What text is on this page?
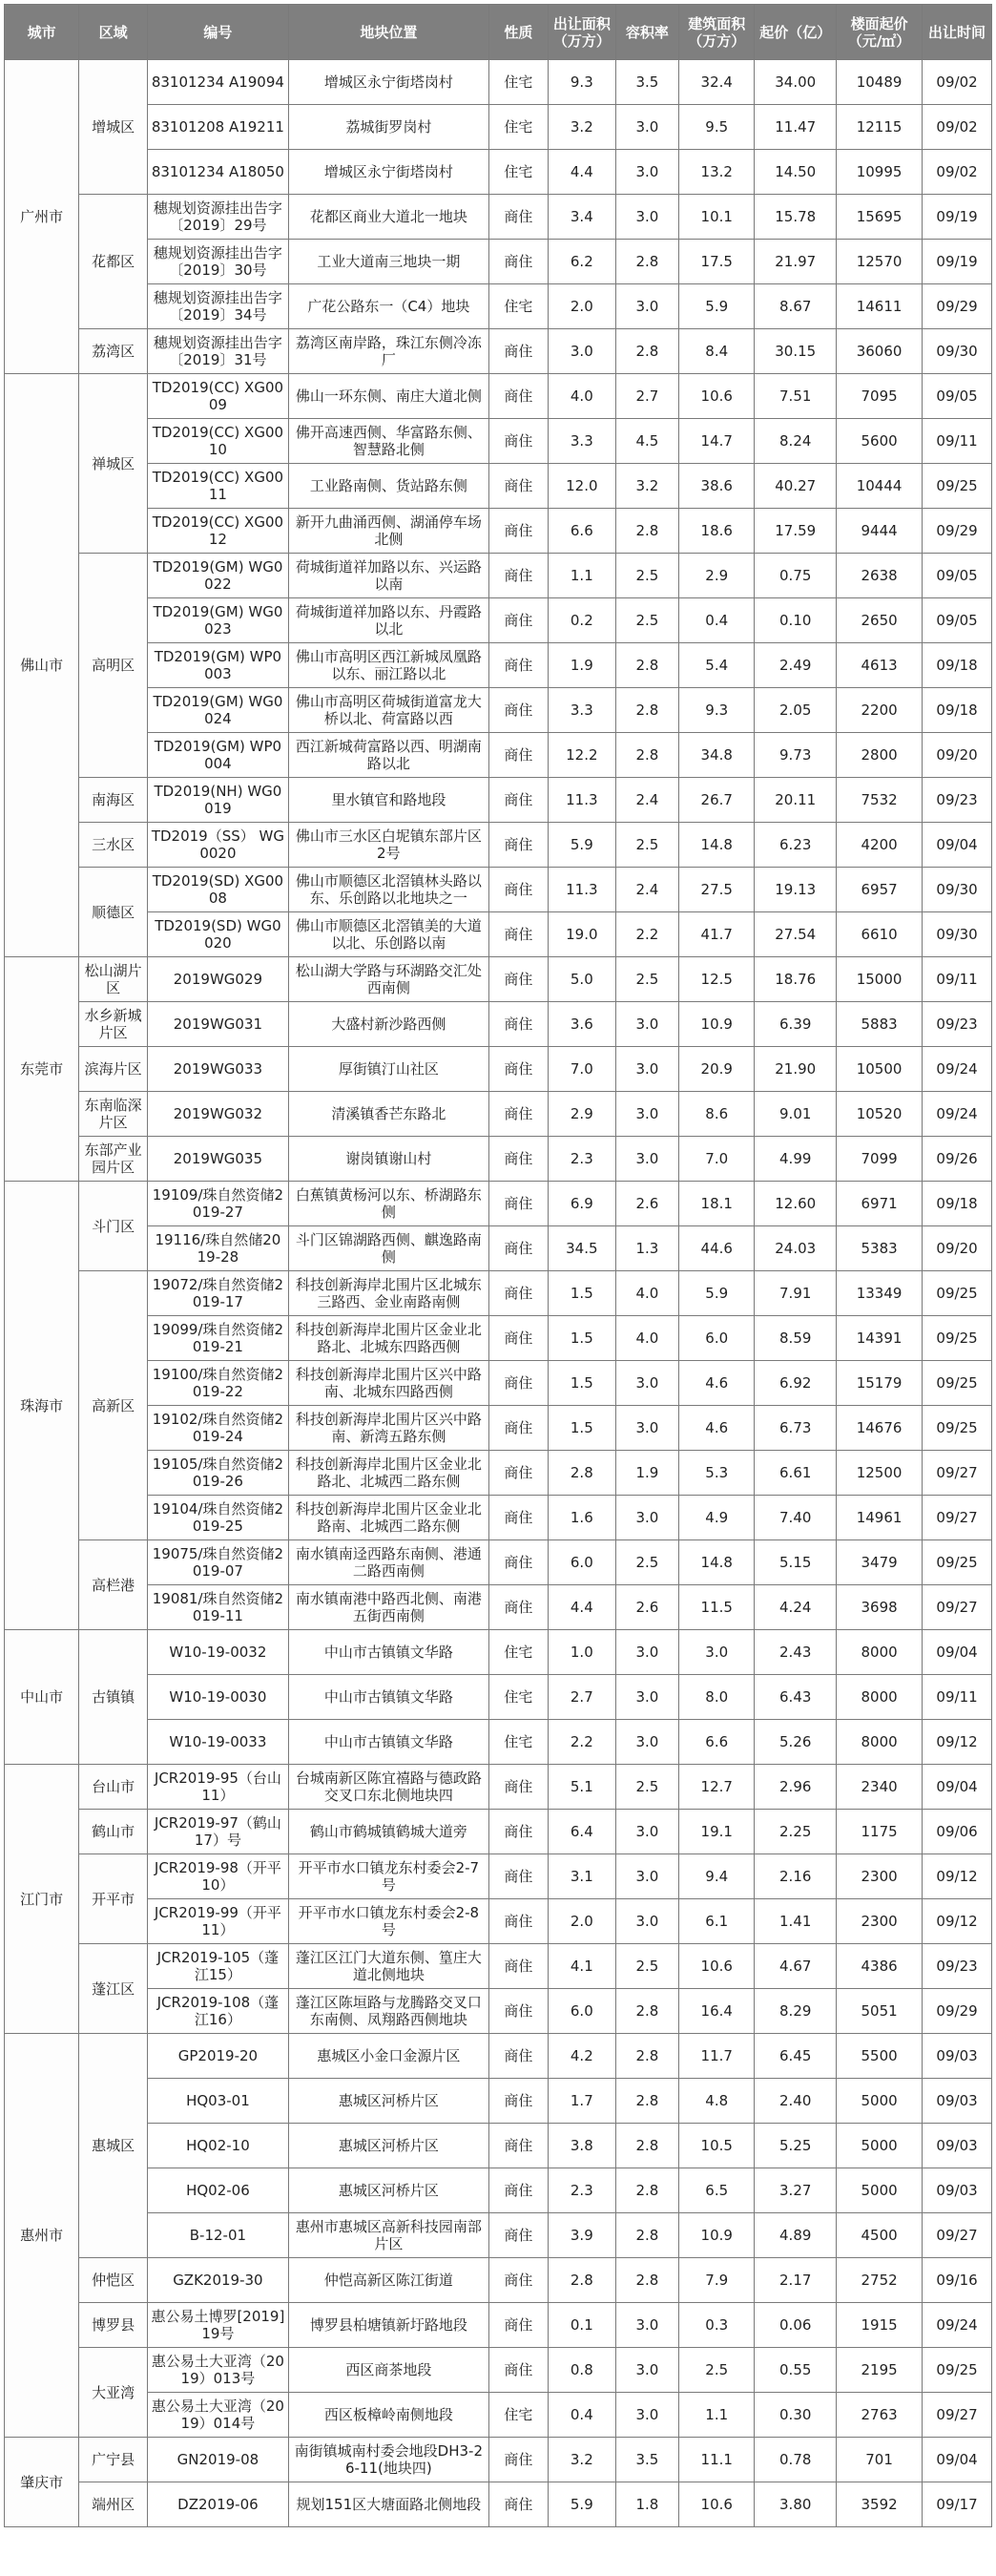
城市	区域	编号	地块位置	性质	出让面积（万方）	容积率	建筑面积（万方）	起价（亿）	楼面起价（元/㎡）	出让时间
广州市	增城区	83101234 A19094	增城区永宁街塔岗村	住宅	9.3	3.5	32.4	34.00	10489	09/02
		83101208 A19211	荔城街罗岗村	住宅	3.2	3.0	9.5	11.47	12115	09/02
		83101234 A18050	增城区永宁街塔岗村	住宅	4.4	3.0	13.2	14.50	10995	09/02
	花都区	穗规划资源挂出告字〔2019〕29号	花都区商业大道北一地块	商住	3.4	3.0	10.1	15.78	15695	09/19
		穗规划资源挂出告字〔2019〕30号	工业大道南三地块一期	商住	6.2	2.8	17.5	21.97	12570	09/19
		穗规划资源挂出告字〔2019〕34号	广花公路东一（C4）地块	住宅	2.0	3.0	5.9	8.67	14611	09/29
	荔湾区	穗规划资源挂出告字〔2019〕31号	荔湾区南岸路，珠江东侧冷冻厂	商住	3.0	2.8	8.4	30.15	36060	09/30
佛山市	禅城区	TD2019(CC) XG0009	佛山一环东侧、南庄大道北侧	商住	4.0	2.7	10.6	7.51	7095	09/05
		TD2019(CC) XG0010	佛开高速西侧、华富路东侧、智慧路北侧	商住	3.3	4.5	14.7	8.24	5600	09/11
		TD2019(CC) XG0011	工业路南侧、货站路东侧	商住	12.0	3.2	38.6	40.27	10444	09/25
		TD2019(CC) XG0012	新开九曲涌西侧、湖涌停车场北侧	商住	6.6	2.8	18.6	17.59	9444	09/29
	高明区	TD2019(GM) WG0022	荷城街道祥加路以东、兴运路以南	商住	1.1	2.5	2.9	0.75	2638	09/05
		TD2019(GM) WG0023	荷城街道祥加路以东、丹霞路以北	商住	0.2	2.5	0.4	0.10	2650	09/05
		TD2019(GM) WP0003	佛山市高明区西江新城凤凰路以东、丽江路以北	商住	1.9	2.8	5.4	2.49	4613	09/18
		TD2019(GM) WG0024	佛山市高明区荷城街道富龙大桥以北、荷富路以西	商住	3.3	2.8	9.3	2.05	2200	09/18
		TD2019(GM) WP0004	西江新城荷富路以西、明湖南路以北	商住	12.2	2.8	34.8	9.73	2800	09/20
	南海区	TD2019(NH) WG0019	里水镇官和路地段	商住	11.3	2.4	26.7	20.11	7532	09/23
	三水区	TD2019（SS） WG0020	佛山市三水区白坭镇东部片区2号	商住	5.9	2.5	14.8	6.23	4200	09/04
	顺德区	TD2019(SD) XG0008	佛山市顺德区北滘镇林头路以东、乐创路以北地块之一	商住	11.3	2.4	27.5	19.13	6957	09/30
		TD2019(SD) WG0020	佛山市顺德区北滘镇美的大道以北、乐创路以南	商住	19.0	2.2	41.7	27.54	6610	09/30
东莞市	松山湖片区	2019WG029	松山湖大学路与环湖路交汇处西南侧	商住	5.0	2.5	12.5	18.76	15000	09/11
	水乡新城片区	2019WG031	大盛村新沙路西侧	商住	3.6	3.0	10.9	6.39	5883	09/23
	滨海片区	2019WG033	厚街镇汀山社区	商住	7.0	3.0	20.9	21.90	10500	09/24
	东南临深片区	2019WG032	清溪镇香芒东路北	商住	2.9	3.0	8.6	9.01	10520	09/24
	东部产业园片区	2019WG035	谢岗镇谢山村	商住	2.3	3.0	7.0	4.99	7099	09/26
珠海市	斗门区	19109/珠自然资储2019-27	白蕉镇黄杨河以东、桥湖路东侧	商住	6.9	2.6	18.1	12.60	6971	09/18
		19116/珠自然储2019-28	斗门区锦湖路西侧、麒逸路南侧	商住	34.5	1.3	44.6	24.03	5383	09/20
	高新区	19072/珠自然资储2019-17	科技创新海岸北围片区北城东三路西、金业南路南侧	商住	1.5	4.0	5.9	7.91	13349	09/25
		19099/珠自然资储2019-21	科技创新海岸北围片区金业北路北、北城东四路西侧	商住	1.5	4.0	6.0	8.59	14391	09/25
		19100/珠自然资储2019-22	科技创新海岸北围片区兴中路南、北城东四路西侧	商住	1.5	3.0	4.6	6.92	15179	09/25
		19102/珠自然资储2019-24	科技创新海岸北围片区兴中路南、新湾五路东侧	商住	1.5	3.0	4.6	6.73	14676	09/25
		19105/珠自然资储2019-26	科技创新海岸北围片区金业北路北、北城西二路东侧	商住	2.8	1.9	5.3	6.61	12500	09/27
		19104/珠自然资储2019-25	科技创新海岸北围片区金业北路南、北城西二路东侧	商住	1.6	3.0	4.9	7.40	14961	09/27
	高栏港	19075/珠自然资储2019-07	南水镇南迳西路东南侧、港通二路西南侧	商住	6.0	2.5	14.8	5.15	3479	09/25
		19081/珠自然资储2019-11	南水镇南港中路西北侧、南港五街西南侧	商住	4.4	2.6	11.5	4.24	3698	09/27
中山市	古镇镇	W10-19-0032	中山市古镇镇文华路	住宅	1.0	3.0	3.0	2.43	8000	09/04
		W10-19-0030	中山市古镇镇文华路	住宅	2.7	3.0	8.0	6.43	8000	09/11
		W10-19-0033	中山市古镇镇文华路	住宅	2.2	3.0	6.6	5.26	8000	09/12
江门市	台山市	JCR2019-95（台山11）	台城南新区陈宜禧路与德政路交叉口东北侧地块四	商住	5.1	2.5	12.7	2.96	2340	09/04
	鹤山市	JCR2019-97（鹤山17）号	鹤山市鹤城镇鹤城大道旁	商住	6.4	3.0	19.1	2.25	1175	09/06
	开平市	JCR2019-98（开平10）	开平市水口镇龙东村委会2-7号	商住	3.1	3.0	9.4	2.16	2300	09/12
		JCR2019-99（开平11）	开平市水口镇龙东村委会2-8号	商住	2.0	3.0	6.1	1.41	2300	09/12
	蓬江区	JCR2019-105（蓬江15）	蓬江区江门大道东侧、篁庄大道北侧地块	商住	4.1	2.5	10.6	4.67	4386	09/23
		JCR2019-108（蓬江16）	蓬江区陈垣路与龙腾路交叉口东南侧、凤翔路西侧地块	商住	6.0	2.8	16.4	8.29	5051	09/29
惠州市	惠城区	GP2019-20	惠城区小金口金源片区	商住	4.2	2.8	11.7	6.45	5500	09/03
		HQ03-01	惠城区河桥片区	商住	1.7	2.8	4.8	2.40	5000	09/03
		HQ02-10	惠城区河桥片区	商住	3.8	2.8	10.5	5.25	5000	09/03
		HQ02-06	惠城区河桥片区	商住	2.3	2.8	6.5	3.27	5000	09/03
		B-12-01	惠州市惠城区高新科技园南部片区	商住	3.9	2.8	10.9	4.89	4500	09/27
	仲恺区	GZK2019-30	仲恺高新区陈江街道	商住	2.8	2.8	7.9	2.17	2752	09/16
	博罗县	惠公易土博罗[2019]19号	博罗县柏塘镇新圩路地段	商住	0.1	3.0	0.3	0.06	1915	09/24
	大亚湾	惠公易土大亚湾（2019）013号	西区商茶地段	商住	0.8	3.0	2.5	0.55	2195	09/25
		惠公易土大亚湾（2019）014号	西区板樟岭南侧地段	住宅	0.4	3.0	1.1	0.30	2763	09/27
肇庆市	广宁县	GN2019-08	南街镇城南村委会地段DH3-26-11(地块四)	商住	3.2	3.5	11.1	0.78	701	09/04
	端州区	DZ2019-06	规划151区大塘面路北侧地段	商住	5.9	1.8	10.6	3.80	3592	09/17
